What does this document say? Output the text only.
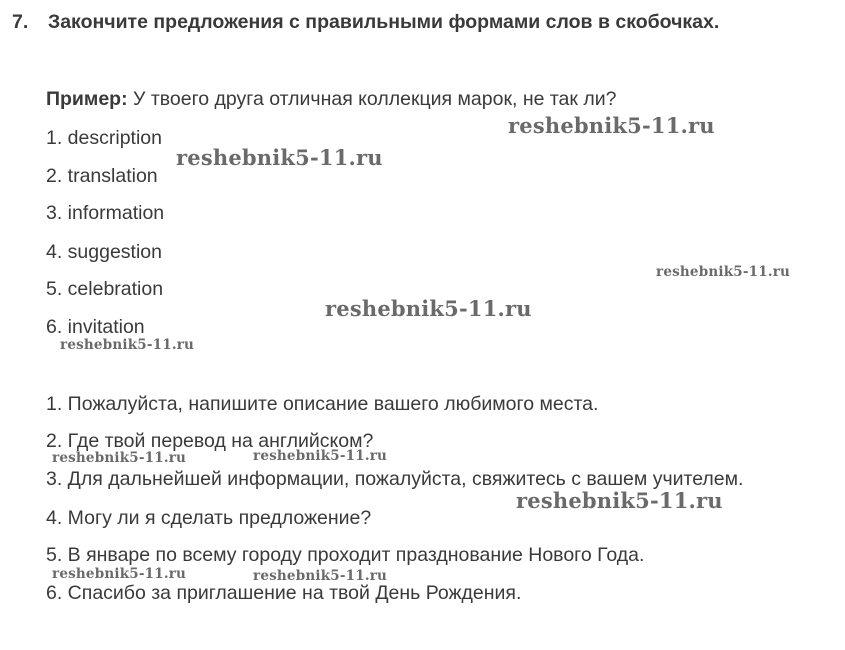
7. Закончите предложения с правильными формами слов в скобочках.
Пример: У твоего друга отличная коллекция марок, не так ли?
1. description
2. translation
3. information
4. suggestion
5. celebration
6. invitation
1. Пожалуйста, напишите описание вашего любимого места.
2. Где твой перевод на английском?
3. Для дальнейшей информации, пожалуйста, свяжитесь с вашем учителем.
4. Могу ли я сделать предложение?
5. В январе по всему городу проходит празднование Нового Года.
6. Спасибо за приглашение на твой День Рождения.
reshebnik5-11.ru
reshebnik5-11.ru
reshebnik5-11.ru
reshebnik5-11.ru
reshebnik5-11.ru
reshebnik5-11.ru	reshebnik5-11.ru
reshebnik5-11.ru
reshebnik5-11.ru	reshebnik5-11.ru
